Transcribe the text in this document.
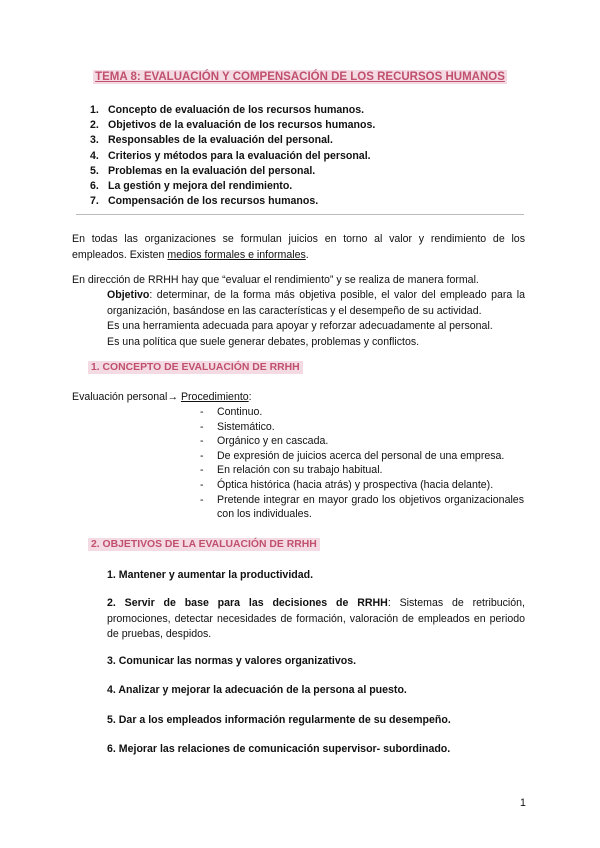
TEMA 8: EVALUACIÓN Y COMPENSACIÓN DE LOS RECURSOS HUMANOS
1. Concepto de evaluación de los recursos humanos.
2. Objetivos de la evaluación de los recursos humanos.
3. Responsables de la evaluación del personal.
4. Criterios y métodos para la evaluación del personal.
5. Problemas en la evaluación del personal.
6. La gestión y mejora del rendimiento.
7. Compensación de los recursos humanos.
En todas las organizaciones se formulan juicios en torno al valor y rendimiento de los empleados. Existen medios formales e informales.
En dirección de RRHH hay que “evaluar el rendimiento” y se realiza de manera formal.
Objetivo: determinar, de la forma más objetiva posible, el valor del empleado para la organización, basándose en las características y el desempeño de su actividad.
Es una herramienta adecuada para apoyar y reforzar adecuadamente al personal.
Es una política que suele generar debates, problemas y conflictos.
1. CONCEPTO DE EVALUACIÓN DE RRHH
Evaluación personal→ Procedimiento:
- Continuo.
- Sistemático.
- Orgánico y en cascada.
- De expresión de juicios acerca del personal de una empresa.
- En relación con su trabajo habitual.
- Óptica histórica (hacia atrás) y prospectiva (hacia delante).
- Pretende integrar en mayor grado los objetivos organizacionales con los individuales.
2. OBJETIVOS DE LA EVALUACIÓN DE RRHH
1. Mantener y aumentar la productividad.
2. Servir de base para las decisiones de RRHH: Sistemas de retribución, promociones, detectar necesidades de formación, valoración de empleados en periodo de pruebas, despidos.
3. Comunicar las normas y valores organizativos.
4. Analizar y mejorar la adecuación de la persona al puesto.
5. Dar a los empleados información regularmente de su desempeño.
6. Mejorar las relaciones de comunicación supervisor- subordinado.
1
